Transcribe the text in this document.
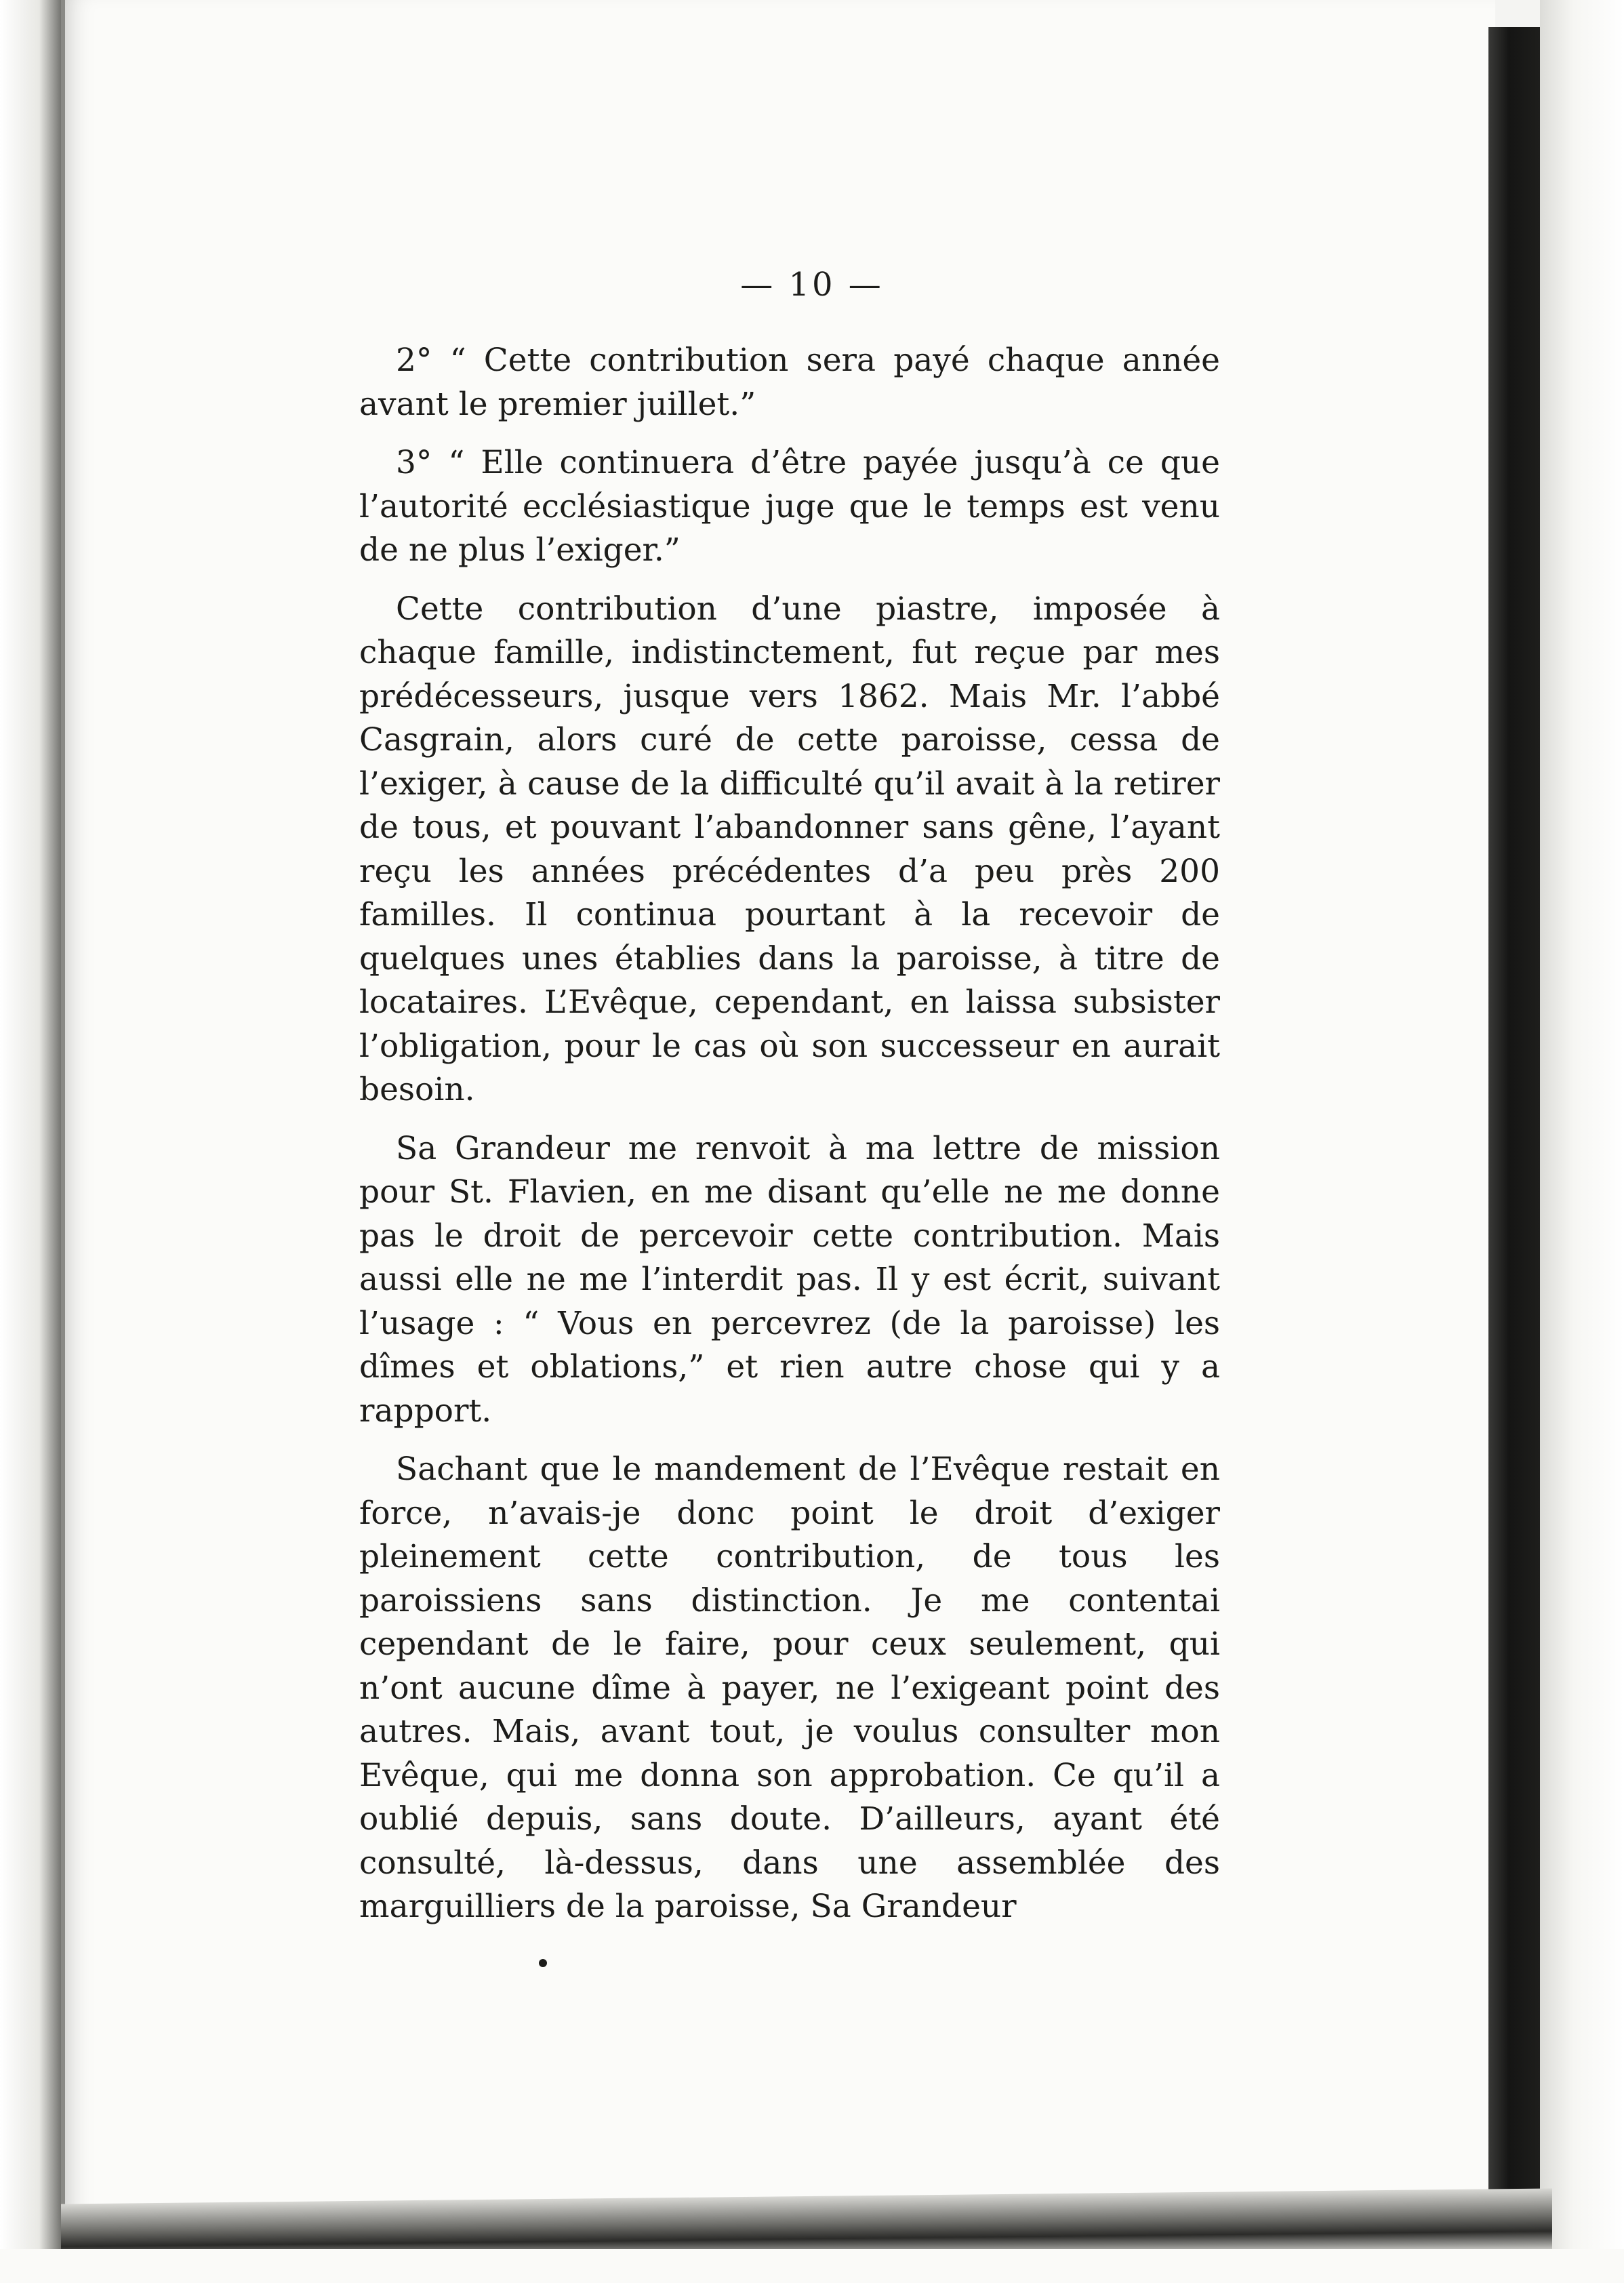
— 10 —

2° “ Cette contribution sera payé chaque année avant le premier juillet.”

3° “ Elle continuera d’être payée jusqu’à ce que l’autorité ecclésiastique juge que le temps est venu de ne plus l’exiger.”

Cette contribution d’une piastre, imposée à chaque famille, indistinctement, fut reçue par mes prédécesseurs, jusque vers 1862. Mais Mr. l’abbé Casgrain, alors curé de cette paroisse, cessa de l’exiger, à cause de la difficulté qu’il avait à la retirer de tous, et pouvant l’abandonner sans gêne, l’ayant reçu les années précédentes d’a peu près 200 familles. Il continua pourtant à la recevoir de quelques unes établies dans la paroisse, à titre de locataires. L’Evêque, cependant, en laissa subsister l’obligation, pour le cas où son successeur en aurait besoin.

Sa Grandeur me renvoit à ma lettre de mission pour St. Flavien, en me disant qu’elle ne me donne pas le droit de percevoir cette contribution. Mais aussi elle ne me l’interdit pas. Il y est écrit, suivant l’usage : “ Vous en percevrez (de la paroisse) les dîmes et oblations,” et rien autre chose qui y a rapport.

Sachant que le mandement de l’Evêque restait en force, n’avais-je donc point le droit d’exiger pleinement cette contribution, de tous les paroissiens sans distinction. Je me contentai cependant de le faire, pour ceux seulement, qui n’ont aucune dîme à payer, ne l’exigeant point des autres. Mais, avant tout, je voulus consulter mon Evêque, qui me donna son approbation. Ce qu’il a oublié depuis, sans doute. D’ailleurs, ayant été consulté, là-dessus, dans une assemblée des marguilliers de la paroisse, Sa Grandeur
